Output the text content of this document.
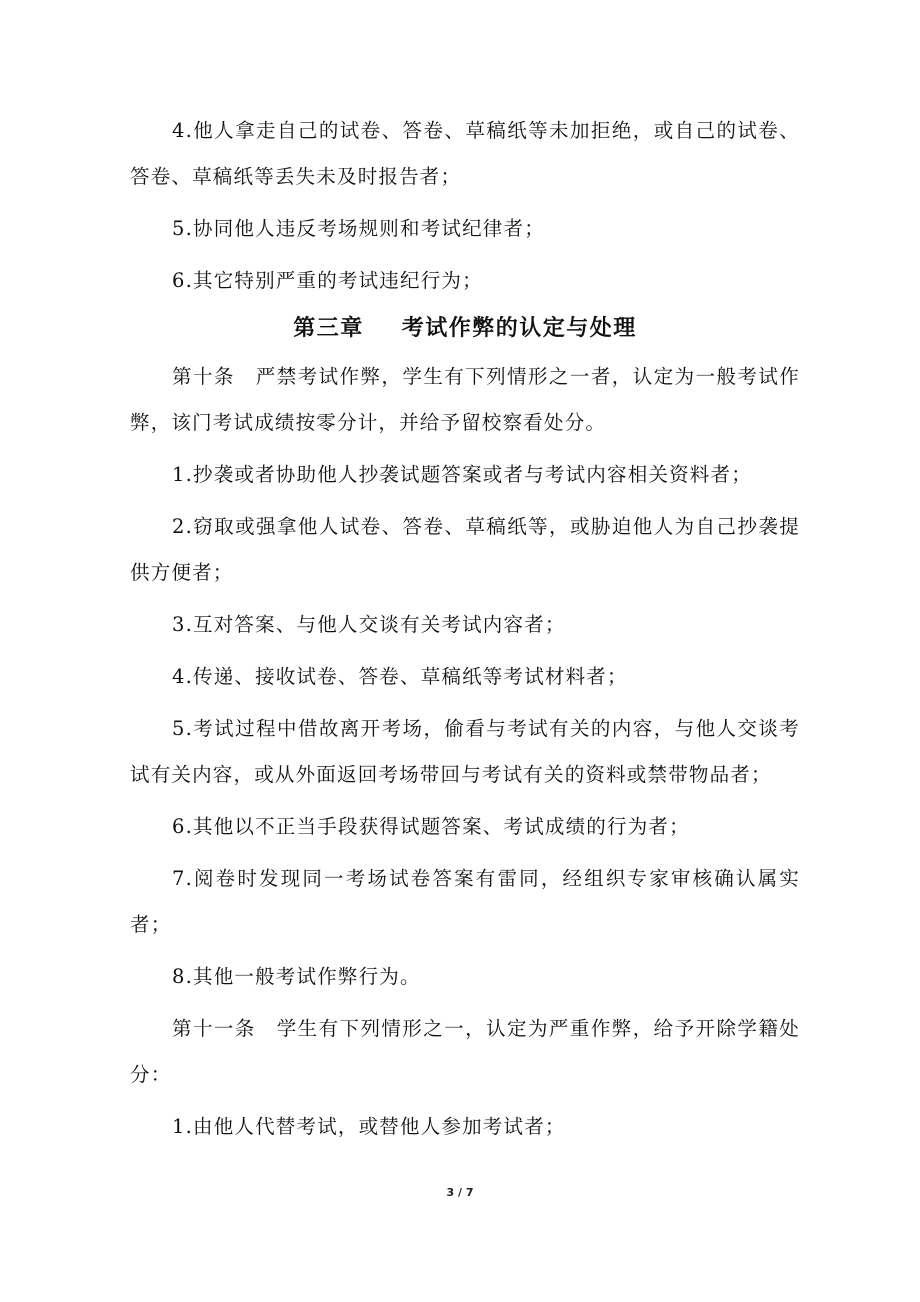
4.他人拿走自己的试卷、答卷、草稿纸等未加拒绝，或自己的试卷、答卷、草稿纸等丢失未及时报告者；

5.协同他人违反考场规则和考试纪律者；

6.其它特别严重的考试违纪行为；

第三章 考试作弊的认定与处理

第十条　严禁考试作弊，学生有下列情形之一者，认定为一般考试作弊，该门考试成绩按零分计，并给予留校察看处分。

1.抄袭或者协助他人抄袭试题答案或者与考试内容相关资料者；

2.窃取或强拿他人试卷、答卷、草稿纸等，或胁迫他人为自己抄袭提供方便者；

3.互对答案、与他人交谈有关考试内容者；

4.传递、接收试卷、答卷、草稿纸等考试材料者；

5.考试过程中借故离开考场，偷看与考试有关的内容，与他人交谈考试有关内容，或从外面返回考场带回与考试有关的资料或禁带物品者；

6.其他以不正当手段获得试题答案、考试成绩的行为者；

7.阅卷时发现同一考场试卷答案有雷同，经组织专家审核确认属实者；

8.其他一般考试作弊行为。

第十一条　学生有下列情形之一，认定为严重作弊，给予开除学籍处分：

1.由他人代替考试，或替他人参加考试者；

3 / 7
